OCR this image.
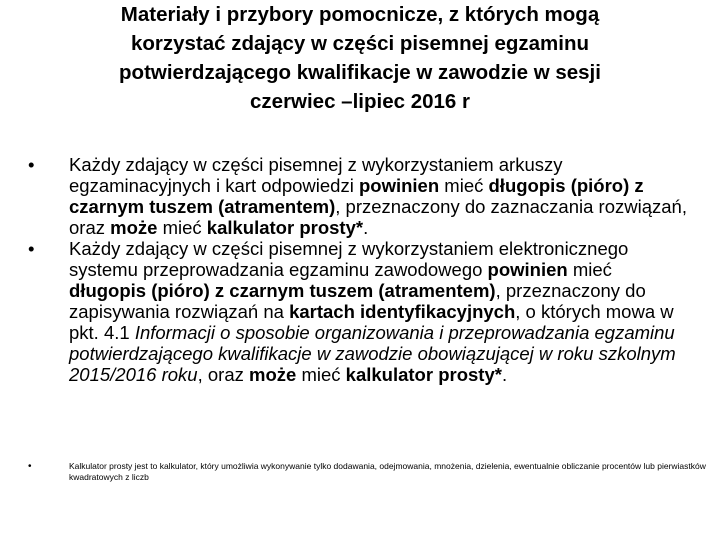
Materiały i przybory pomocnicze, z których mogą
korzystać zdający w części pisemnej egzaminu
potwierdzającego kwalifikacje w zawodzie w sesji
czerwiec –lipiec 2016 r
•	Każdy zdający w części pisemnej z wykorzystaniem arkuszy egzaminacyjnych i kart odpowiedzi powinien mieć długopis (pióro) z czarnym tuszem (atramentem), przeznaczony do zaznaczania rozwiązań, oraz może mieć kalkulator prosty*.
•	Każdy zdający w części pisemnej z wykorzystaniem elektronicznego systemu przeprowadzania egzaminu zawodowego powinien mieć długopis (pióro) z czarnym tuszem (atramentem), przeznaczony do zapisywania rozwiązań na kartach identyfikacyjnych, o których mowa w pkt. 4.1 Informacji o sposobie organizowania i przeprowadzania egzaminu potwierdzającego kwalifikacje w zawodzie obowiązującej w roku szkolnym 2015/2016 roku, oraz może mieć kalkulator prosty*.

•	Kalkulator prosty jest to kalkulator, który umożliwia wykonywanie tylko dodawania, odejmowania, mnożenia, dzielenia, ewentualnie obliczanie procentów lub pierwiastków kwadratowych z liczb
